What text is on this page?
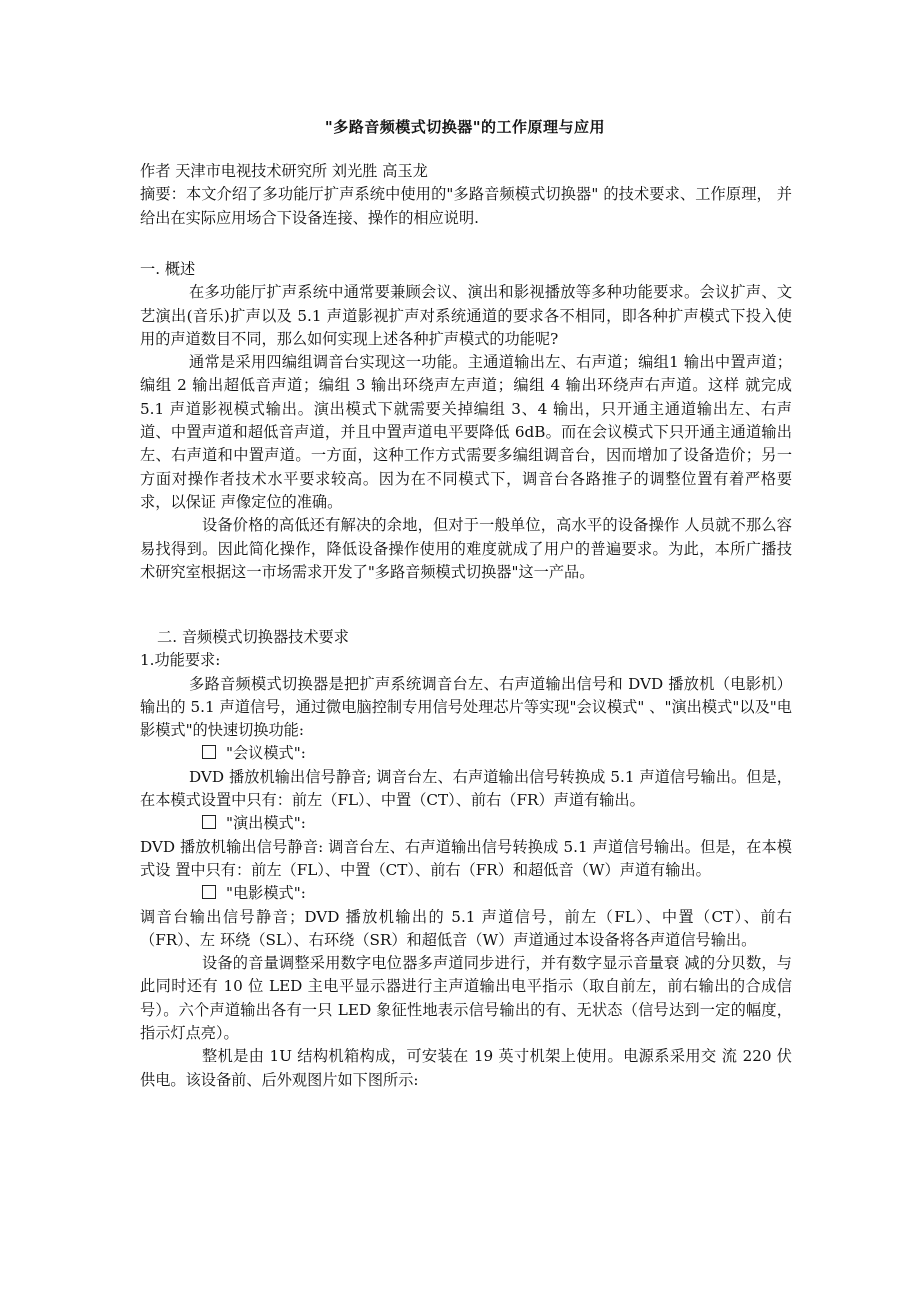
"多路音频模式切换器"的工作原理与应用

作者 天津市电视技术研究所 刘光胜 高玉龙

摘要：本文介绍了多功能厅扩声系统中使用的"多路音频模式切换器" 的技术要求、工作原理， 并给出在实际应用场合下设备连接、操作的相应说明.

一. 概述

在多功能厅扩声系统中通常要兼顾会议、演出和影视播放等多种功能要求。会议扩声、文艺演出(音乐)扩声以及 5.1 声道影视扩声对系统通道的要求各不相同，即各种扩声模式下投入使 用的声道数目不同，那么如何实现上述各种扩声模式的功能呢?

通常是采用四编组调音台实现这一功能。主通道输出左、右声道；编组1 输出中置声道；编组 2 输出超低音声道；编组 3 输出环绕声左声道；编组 4 输出环绕声右声道。这样 就完成 5.1 声道影视模式输出。演出模式下就需要关掉编组 3、4 输出，只开通主通道输出左、右声 道、中置声道和超低音声道，并且中置声道电平要降低 6dB。而在会议模式下只开通主通道输出左、右声道和中置声道。一方面，这种工作方式需要多编组调音台，因而增加了设备造价；另一方面对操作者技术水平要求较高。因为在不同模式下，调音台各路推子的调整位置有着严格要求，以保证 声像定位的准确。

设备价格的高低还有解决的余地，但对于一般单位，高水平的设备操作 人员就不那么容易找得到。因此简化操作，降低设备操作使用的难度就成了用户的普遍要求。为此，本所广播技术研究室根据这一市场需求开发了"多路音频模式切换器"这一产品。

二. 音频模式切换器技术要求

1.功能要求:

多路音频模式切换器是把扩声系统调音台左、右声道输出信号和 DVD 播放机（电影机）输出的 5.1 声道信号，通过微电脑控制专用信号处理芯片等实现"会议模式" 、"演出模式"以及"电影模式"的快速切换功能:

"会议模式":

DVD 播放机输出信号静音; 调音台左、右声道输出信号转换成 5.1 声道信号输出。但是，在本模式设置中只有：前左（FL）、中置（CT）、前右（FR）声道有输出。

"演出模式":

DVD 播放机输出信号静音: 调音台左、右声道输出信号转换成 5.1 声道信号输出。但是，在本模式设 置中只有：前左（FL）、中置（CT）、前右（FR）和超低音（W）声道有输出。

"电影模式":

调音台输出信号静音；DVD 播放机输出的 5.1 声道信号，前左（FL）、中置（CT）、前右（FR）、左 环绕（SL）、右环绕（SR）和超低音（W）声道通过本设备将各声道信号输出。

设备的音量调整采用数字电位器多声道同步进行，并有数字显示音量衰 减的分贝数，与此同时还有 10 位 LED 主电平显示器进行主声道输出电平指示（取自前左，前右输出的合成信号）。六个声道输出各有一只 LED 象征性地表示信号输出的有、无状态（信号达到一定的幅度，指示灯点亮）。

整机是由 1U 结构机箱构成，可安装在 19 英寸机架上使用。电源系采用交 流 220 伏供电。该设备前、后外观图片如下图所示:
